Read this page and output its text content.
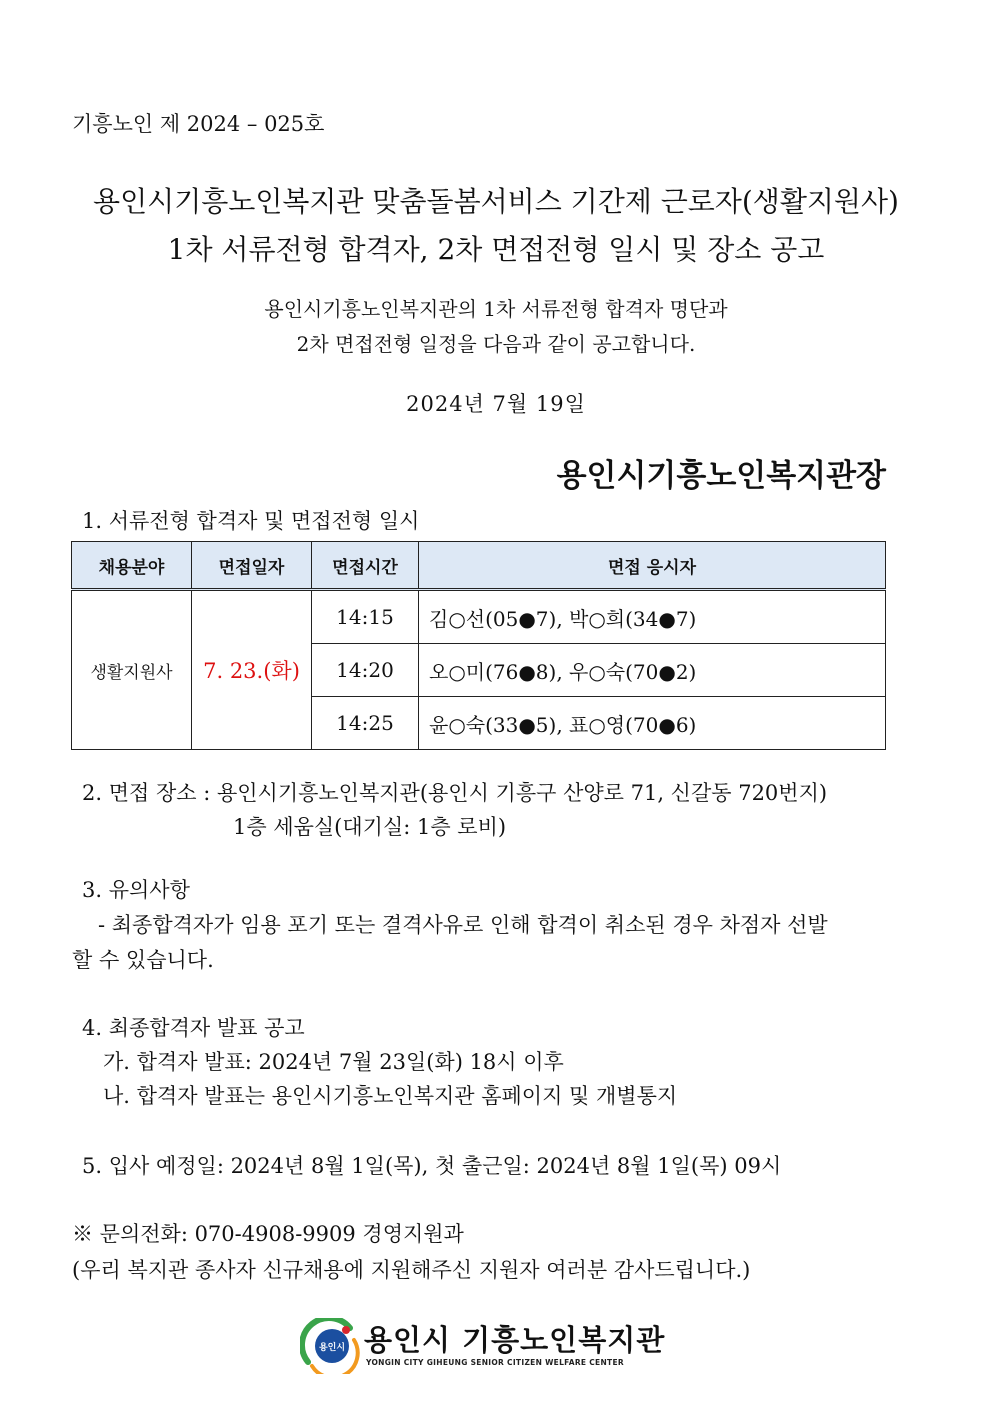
기흥노인 제 2024 – 025호
용인시기흥노인복지관 맞춤돌봄서비스 기간제 근로자(생활지원사)
1차 서류전형 합격자, 2차 면접전형 일시 및 장소 공고
용인시기흥노인복지관의 1차 서류전형 합격자 명단과
2차 면접전형 일정을 다음과 같이 공고합니다.
2024년 7월 19일
용인시기흥노인복지관장
1. 서류전형 합격자 및 면접전형 일시
채용분야	면접일자	면접시간	면접 응시자
생활지원사	7. 23.(화)	14:15	김○선(05●7), 박○희(34●7)
		14:20	오○미(76●8), 우○숙(70●2)
		14:25	윤○숙(33●5), 표○영(70●6)
2. 면접 장소 : 용인시기흥노인복지관(용인시 기흥구 산양로 71, 신갈동 720번지)
1층 세움실(대기실: 1층 로비)
3. 유의사항
- 최종합격자가 임용 포기 또는 결격사유로 인해 합격이 취소된 경우 차점자 선발
할 수 있습니다.
4. 최종합격자 발표 공고
가. 합격자 발표: 2024년 7월 23일(화) 18시 이후
나. 합격자 발표는 용인시기흥노인복지관 홈페이지 및 개별통지
5. 입사 예정일: 2024년 8월 1일(목), 첫 출근일: 2024년 8월 1일(목) 09시
※ 문의전화: 070-4908-9909 경영지원과
(우리 복지관 종사자 신규채용에 지원해주신 지원자 여러분 감사드립니다.)
용인시 용인시 기흥노인복지관
YONGIN CITY GIHEUNG SENIOR CITIZEN WELFARE CENTER
